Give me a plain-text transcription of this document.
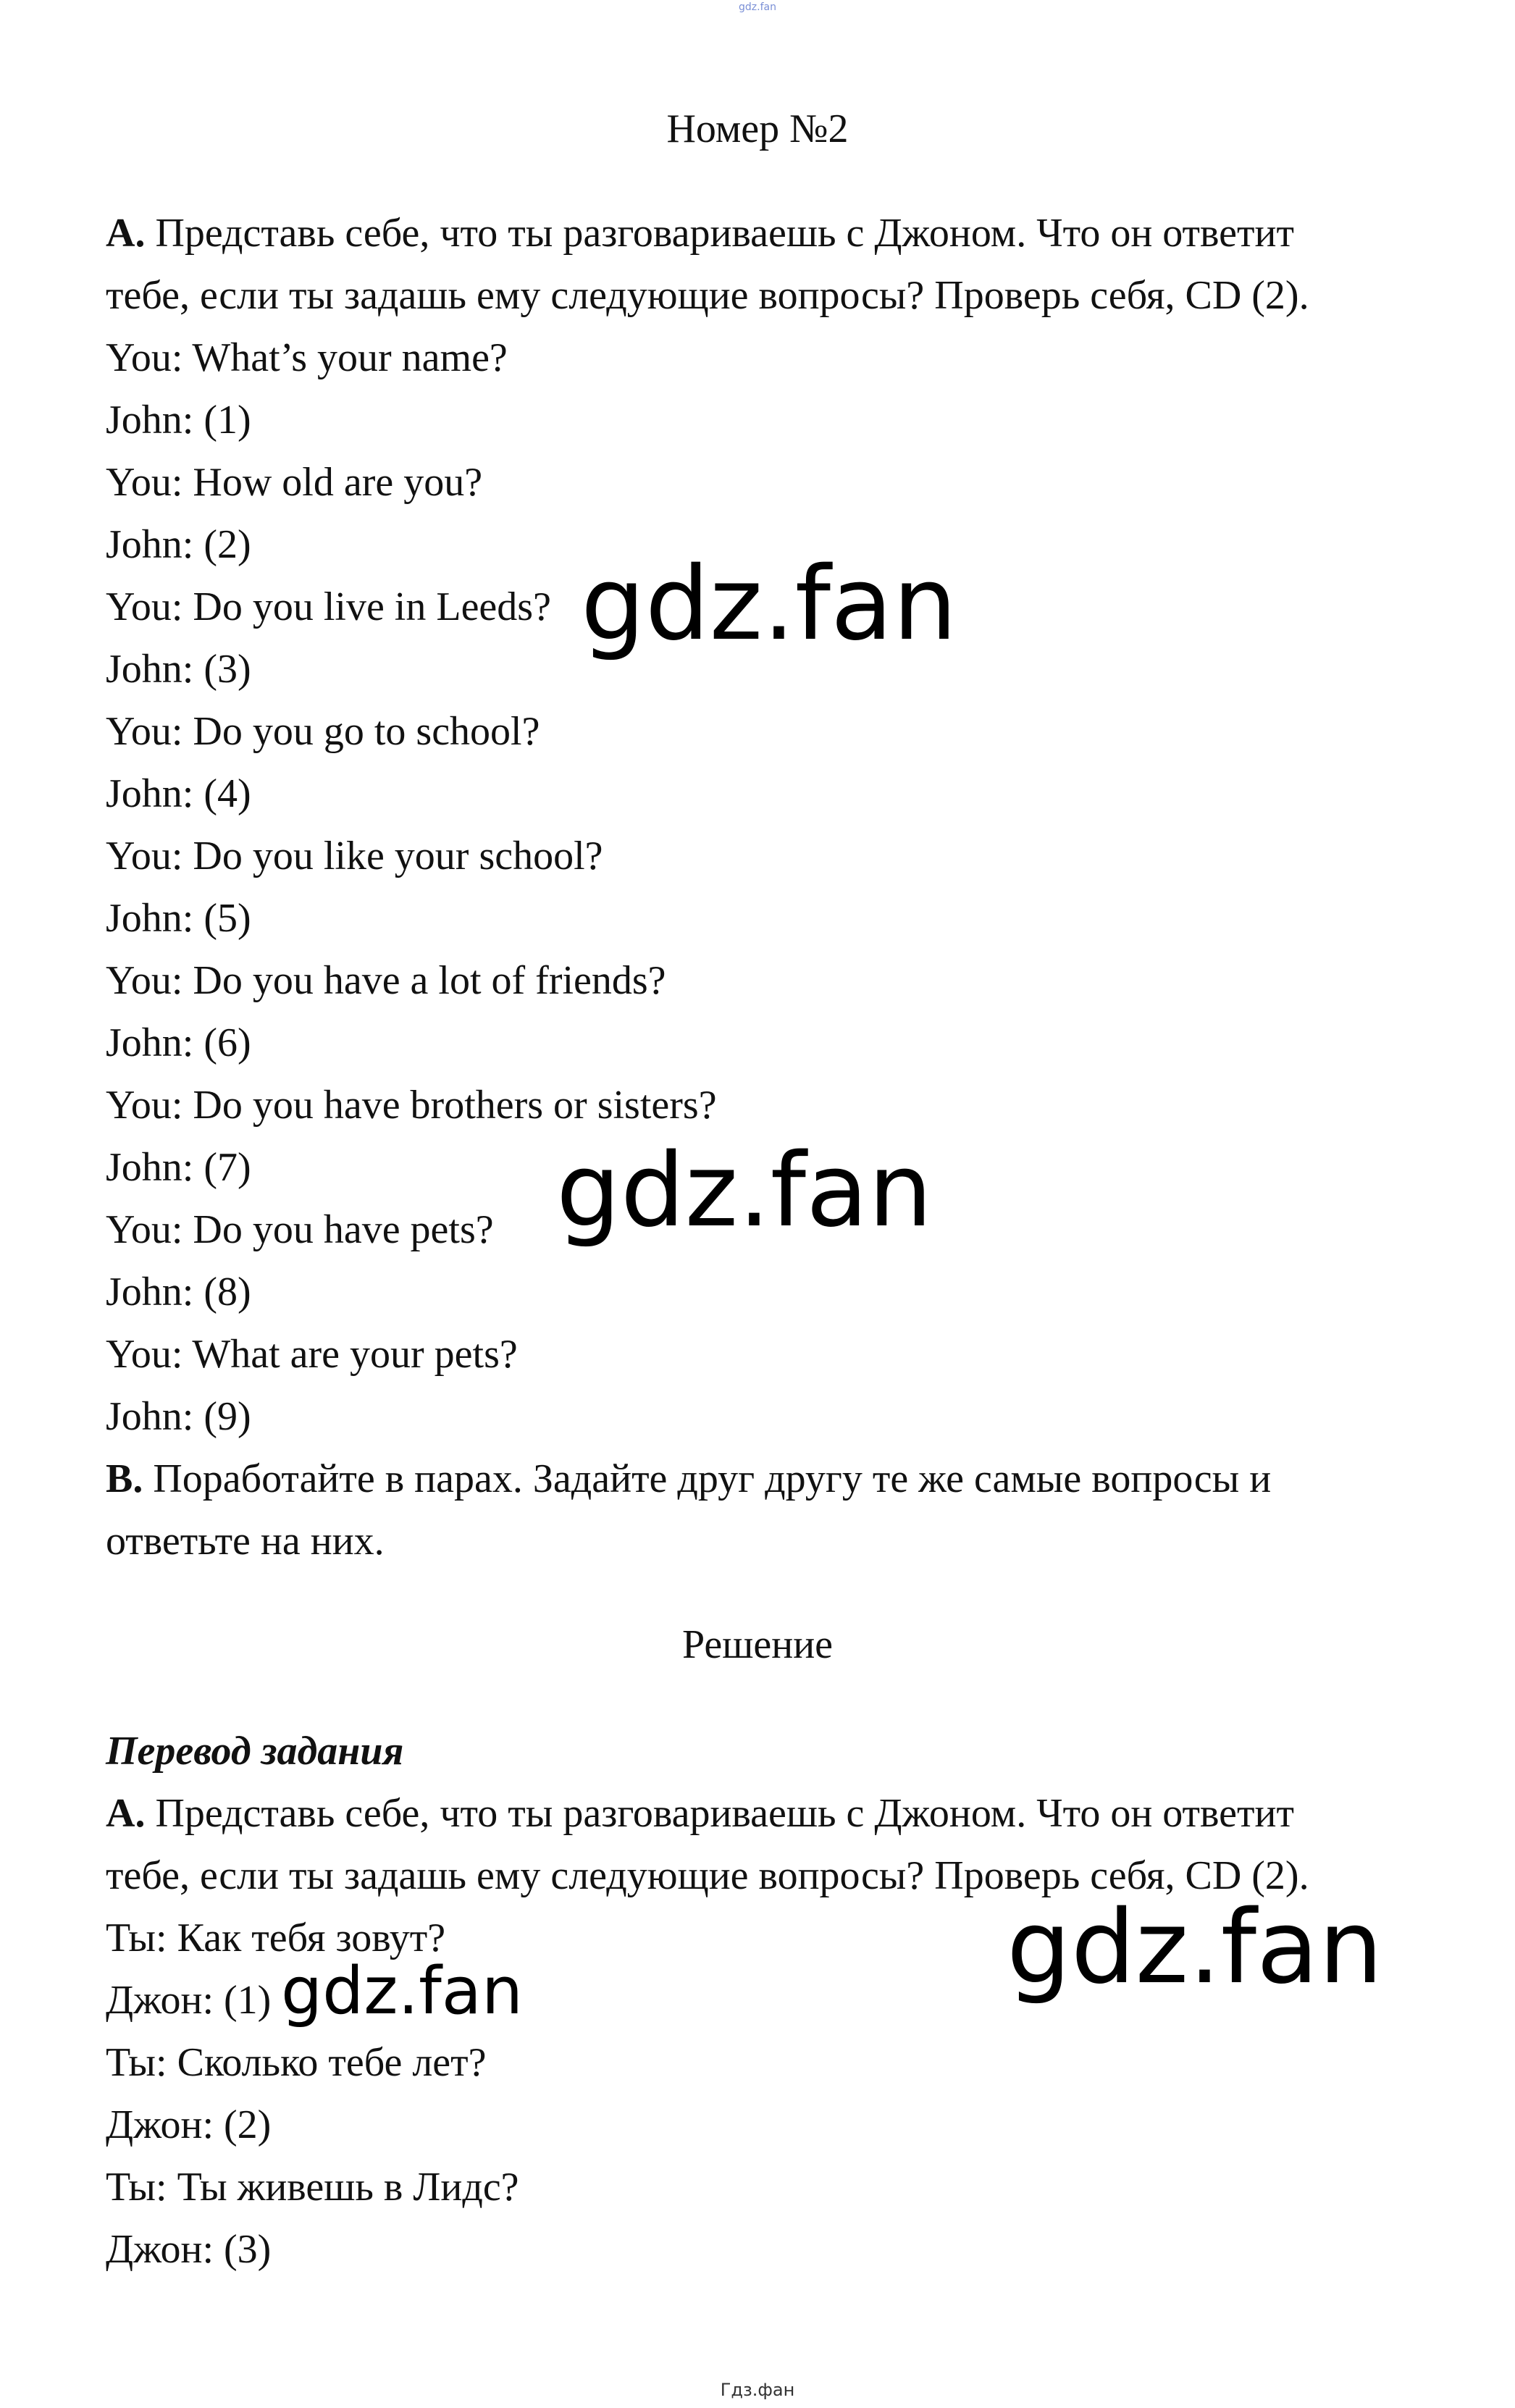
gdz.fan
Номер №2
A. Представь себе, что ты разговариваешь с Джоном. Что он ответит
тебе, если ты задашь ему следующие вопросы? Проверь себя, CD (2).
You: What’s your name?
John: (1)
You: How old are you?
John: (2)
You: Do you live in Leeds?
John: (3)
You: Do you go to school?
John: (4)
You: Do you like your school?
John: (5)
You: Do you have a lot of friends?
John: (6)
You: Do you have brothers or sisters?
John: (7)
You: Do you have pets?
John: (8)
You: What are your pets?
John: (9)
B. Поработайте в парах. Задайте друг другу те же самые вопросы и
ответьте на них.
Решение
Перевод задания
А. Представь себе, что ты разговариваешь с Джоном. Что он ответит
тебе, если ты задашь ему следующие вопросы? Проверь себя, CD (2).
Ты: Как тебя зовут?
Джон: (1)
Ты: Сколько тебе лет?
Джон: (2)
Ты: Ты живешь в Лидс?
Джон: (3)
gdz.fan
gdz.fan
gdz.fan
gdz.fan
Гдз.фан
